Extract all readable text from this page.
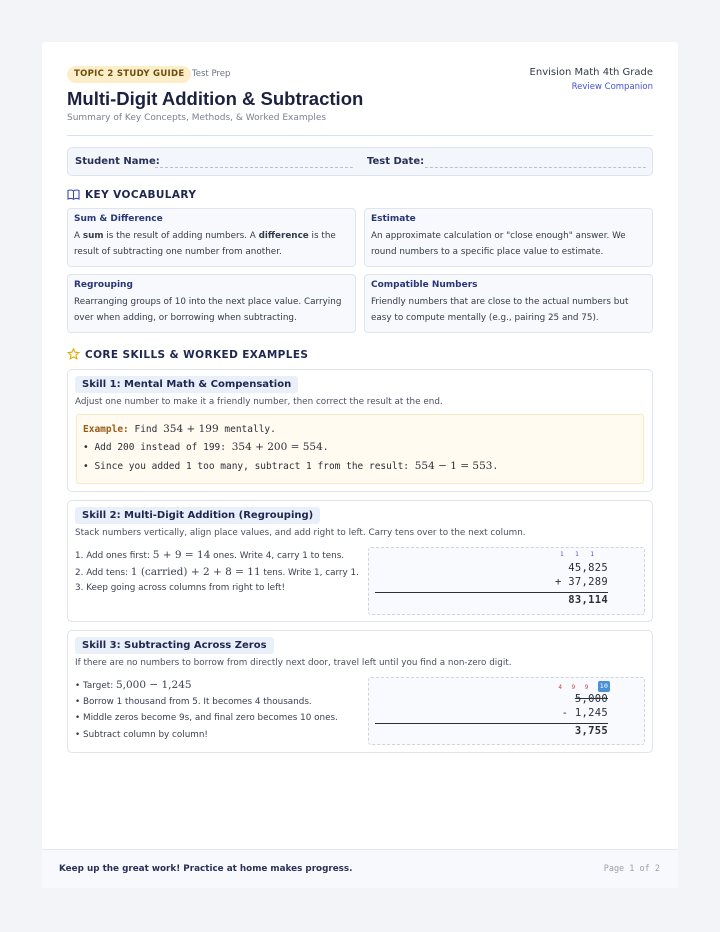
TOPIC 2 STUDY GUIDE Test Prep
Multi-Digit Addition & Subtraction
Summary of Key Concepts, Methods, & Worked Examples
Envision Math 4th Grade
Review Companion
Student Name:	Test Date:
KEY VOCABULARY
Sum & Difference
A sum is the result of adding numbers. A difference is the result of subtracting one number from another.
Estimate
An approximate calculation or "close enough" answer. We round numbers to a specific place value to estimate.
Regrouping
Rearranging groups of 10 into the next place value. Carrying over when adding, or borrowing when subtracting.
Compatible Numbers
Friendly numbers that are close to the actual numbers but easy to compute mentally (e.g., pairing 25 and 75).
CORE SKILLS & WORKED EXAMPLES
Skill 1: Mental Math & Compensation
Adjust one number to make it a friendly number, then correct the result at the end.
Example: Find 354 + 199 mentally.
• Add 200 instead of 199: 354 + 200 = 554.
• Since you added 1 too many, subtract 1 from the result: 554 − 1 = 553.
Skill 2: Multi-Digit Addition (Regrouping)
Stack numbers vertically, align place values, and add right to left. Carry tens over to the next column.
1. Add ones first: 5 + 9 = 14 ones. Write 4, carry 1 to tens.
2. Add tens: 1 (carried) + 2 + 8 = 11 tens. Write 1, carry 1.
3. Keep going across columns from right to left!
1 1 1
45,825
+ 37,289
83,114
Skill 3: Subtracting Across Zeros
If there are no numbers to borrow from directly next door, travel left until you find a non-zero digit.
• Target: 5,000 − 1,245
• Borrow 1 thousand from 5. It becomes 4 thousands.
• Middle zeros become 9s, and final zero becomes 10 ones.
• Subtract column by column!
4 9 9 10
5,000
- 1,245
3,755
Keep up the great work! Practice at home makes progress.	Page 1 of 2
